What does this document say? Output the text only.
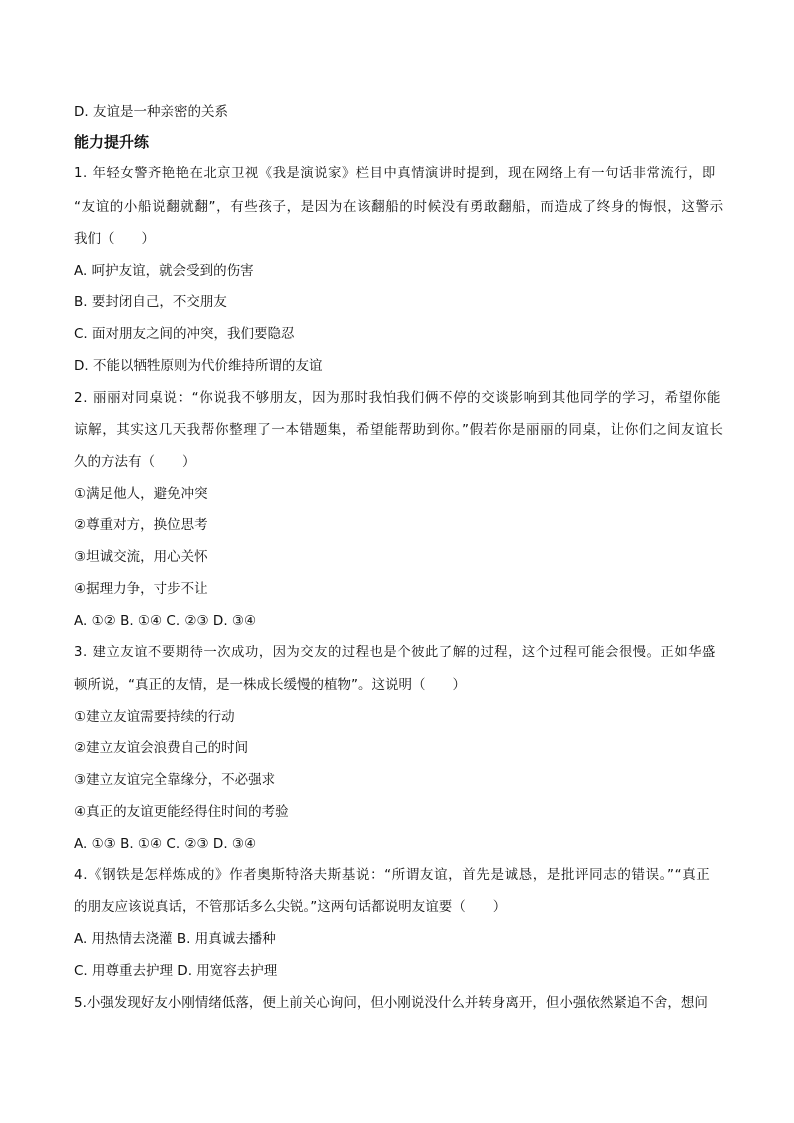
D. 友谊是一种亲密的关系
能力提升练
1. 年轻女警齐艳艳在北京卫视《我是演说家》栏目中真情演讲时提到，现在网络上有一句话非常流行，即
“友谊的小船说翻就翻”，有些孩子，是因为在该翻船的时候没有勇敢翻船，而造成了终身的悔恨，这警示
我们（　　）
A. 呵护友谊，就会受到的伤害
B. 要封闭自己，不交朋友
C. 面对朋友之间的冲突，我们要隐忍
D. 不能以牺牲原则为代价维持所谓的友谊
2. 丽丽对同桌说：“你说我不够朋友，因为那时我怕我们俩不停的交谈影响到其他同学的学习，希望你能
谅解，其实这几天我帮你整理了一本错题集，希望能帮助到你。”假若你是丽丽的同桌，让你们之间友谊长
久的方法有（　　）
①满足他人，避免冲突
②尊重对方，换位思考
③坦诚交流，用心关怀
④据理力争，寸步不让
A. ①② B. ①④ C. ②③ D. ③④
3. 建立友谊不要期待一次成功，因为交友的过程也是个彼此了解的过程，这个过程可能会很慢。正如华盛
顿所说，“真正的友情，是一株成长缓慢的植物”。这说明（　　）
①建立友谊需要持续的行动
②建立友谊会浪费自己的时间
③建立友谊完全靠缘分，不必强求
④真正的友谊更能经得住时间的考验
A. ①③ B. ①④ C. ②③ D. ③④
4.《钢铁是怎样炼成的》作者奥斯特洛夫斯基说：“所谓友谊，首先是诚恳，是批评同志的错误。”“真正
的朋友应该说真话，不管那话多么尖锐。”这两句话都说明友谊要（　　）
A. 用热情去浇灌 B. 用真诚去播种
C. 用尊重去护理 D. 用宽容去护理
5.小强发现好友小刚情绪低落，便上前关心询问，但小刚说没什么并转身离开，但小强依然紧追不舍，想问
